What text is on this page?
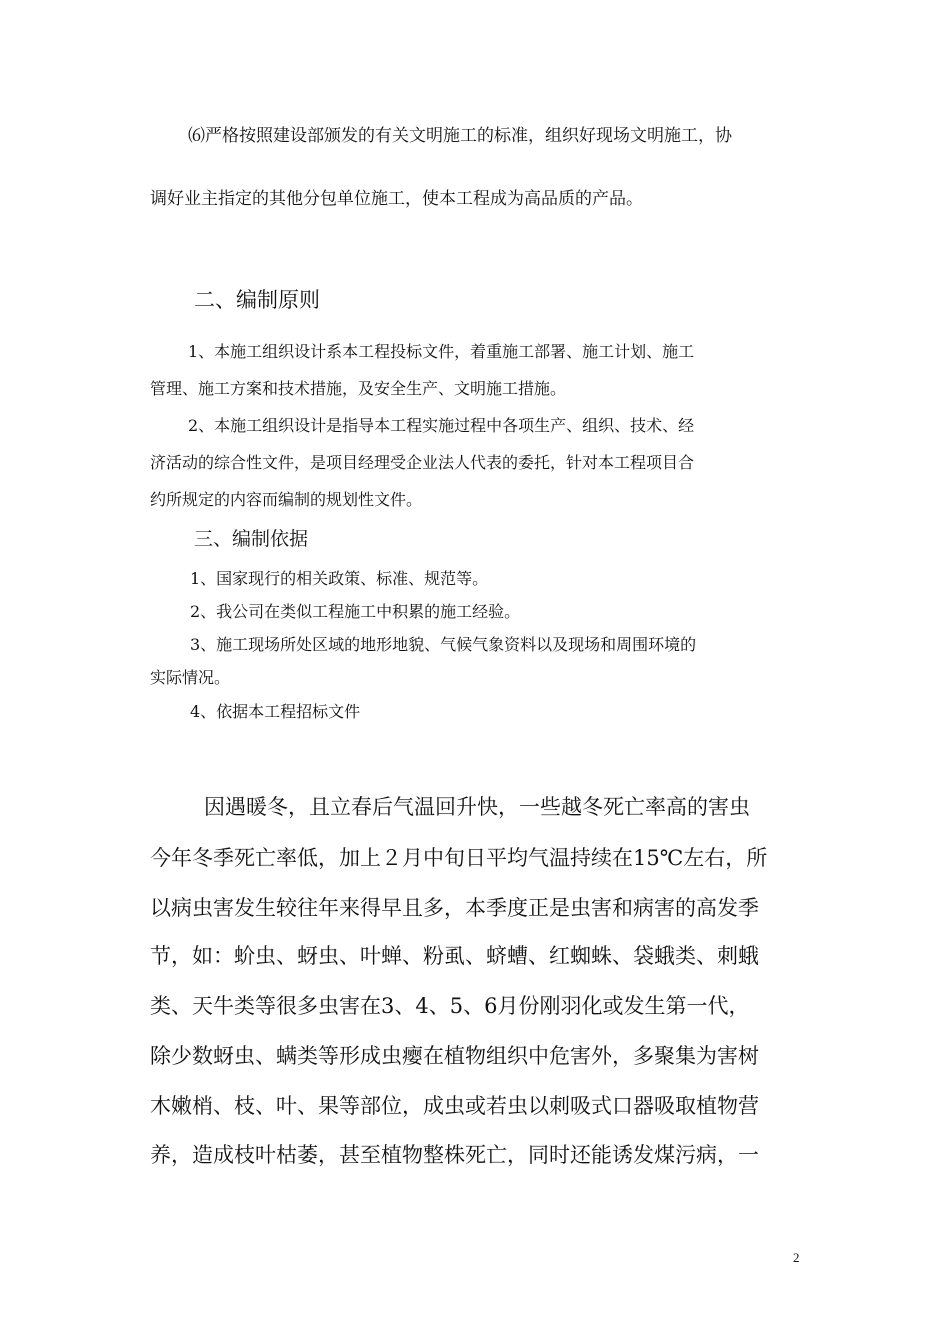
⑹严格按照建设部颁发的有关文明施工的标准，组织好现场文明施工，协
调好业主指定的其他分包单位施工，使本工程成为高品质的产品。
二、编制原则
1、本施工组织设计系本工程投标文件，着重施工部署、施工计划、施工
管理、施工方案和技术措施，及安全生产、文明施工措施。
2、本施工组织设计是指导本工程实施过程中各项生产、组织、技术、经
济活动的综合性文件，是项目经理受企业法人代表的委托，针对本工程项目合
约所规定的内容而编制的规划性文件。
三、编制依据
1、国家现行的相关政策、标准、规范等。
2、我公司在类似工程施工中积累的施工经验。
3、施工现场所处区域的地形地貌、气候气象资料以及现场和周围环境的
实际情况。
4、依据本工程招标文件
因遇暖冬，且立春后气温回升快，一些越冬死亡率高的害虫
今年冬季死亡率低，加上２月中旬日平均气温持续在15℃左右，所
以病虫害发生较往年来得早且多，本季度正是虫害和病害的高发季
节，如：蚧虫、蚜虫、叶蝉、粉虱、蛴螬、红蜘蛛、袋蛾类、刺蛾
类、天牛类等很多虫害在3、4、5、6月份刚羽化或发生第一代，
除少数蚜虫、螨类等形成虫瘿在植物组织中危害外，多聚集为害树
木嫩梢、枝、叶、果等部位，成虫或若虫以刺吸式口器吸取植物营
养，造成枝叶枯萎，甚至植物整株死亡，同时还能诱发煤污病，一
2
